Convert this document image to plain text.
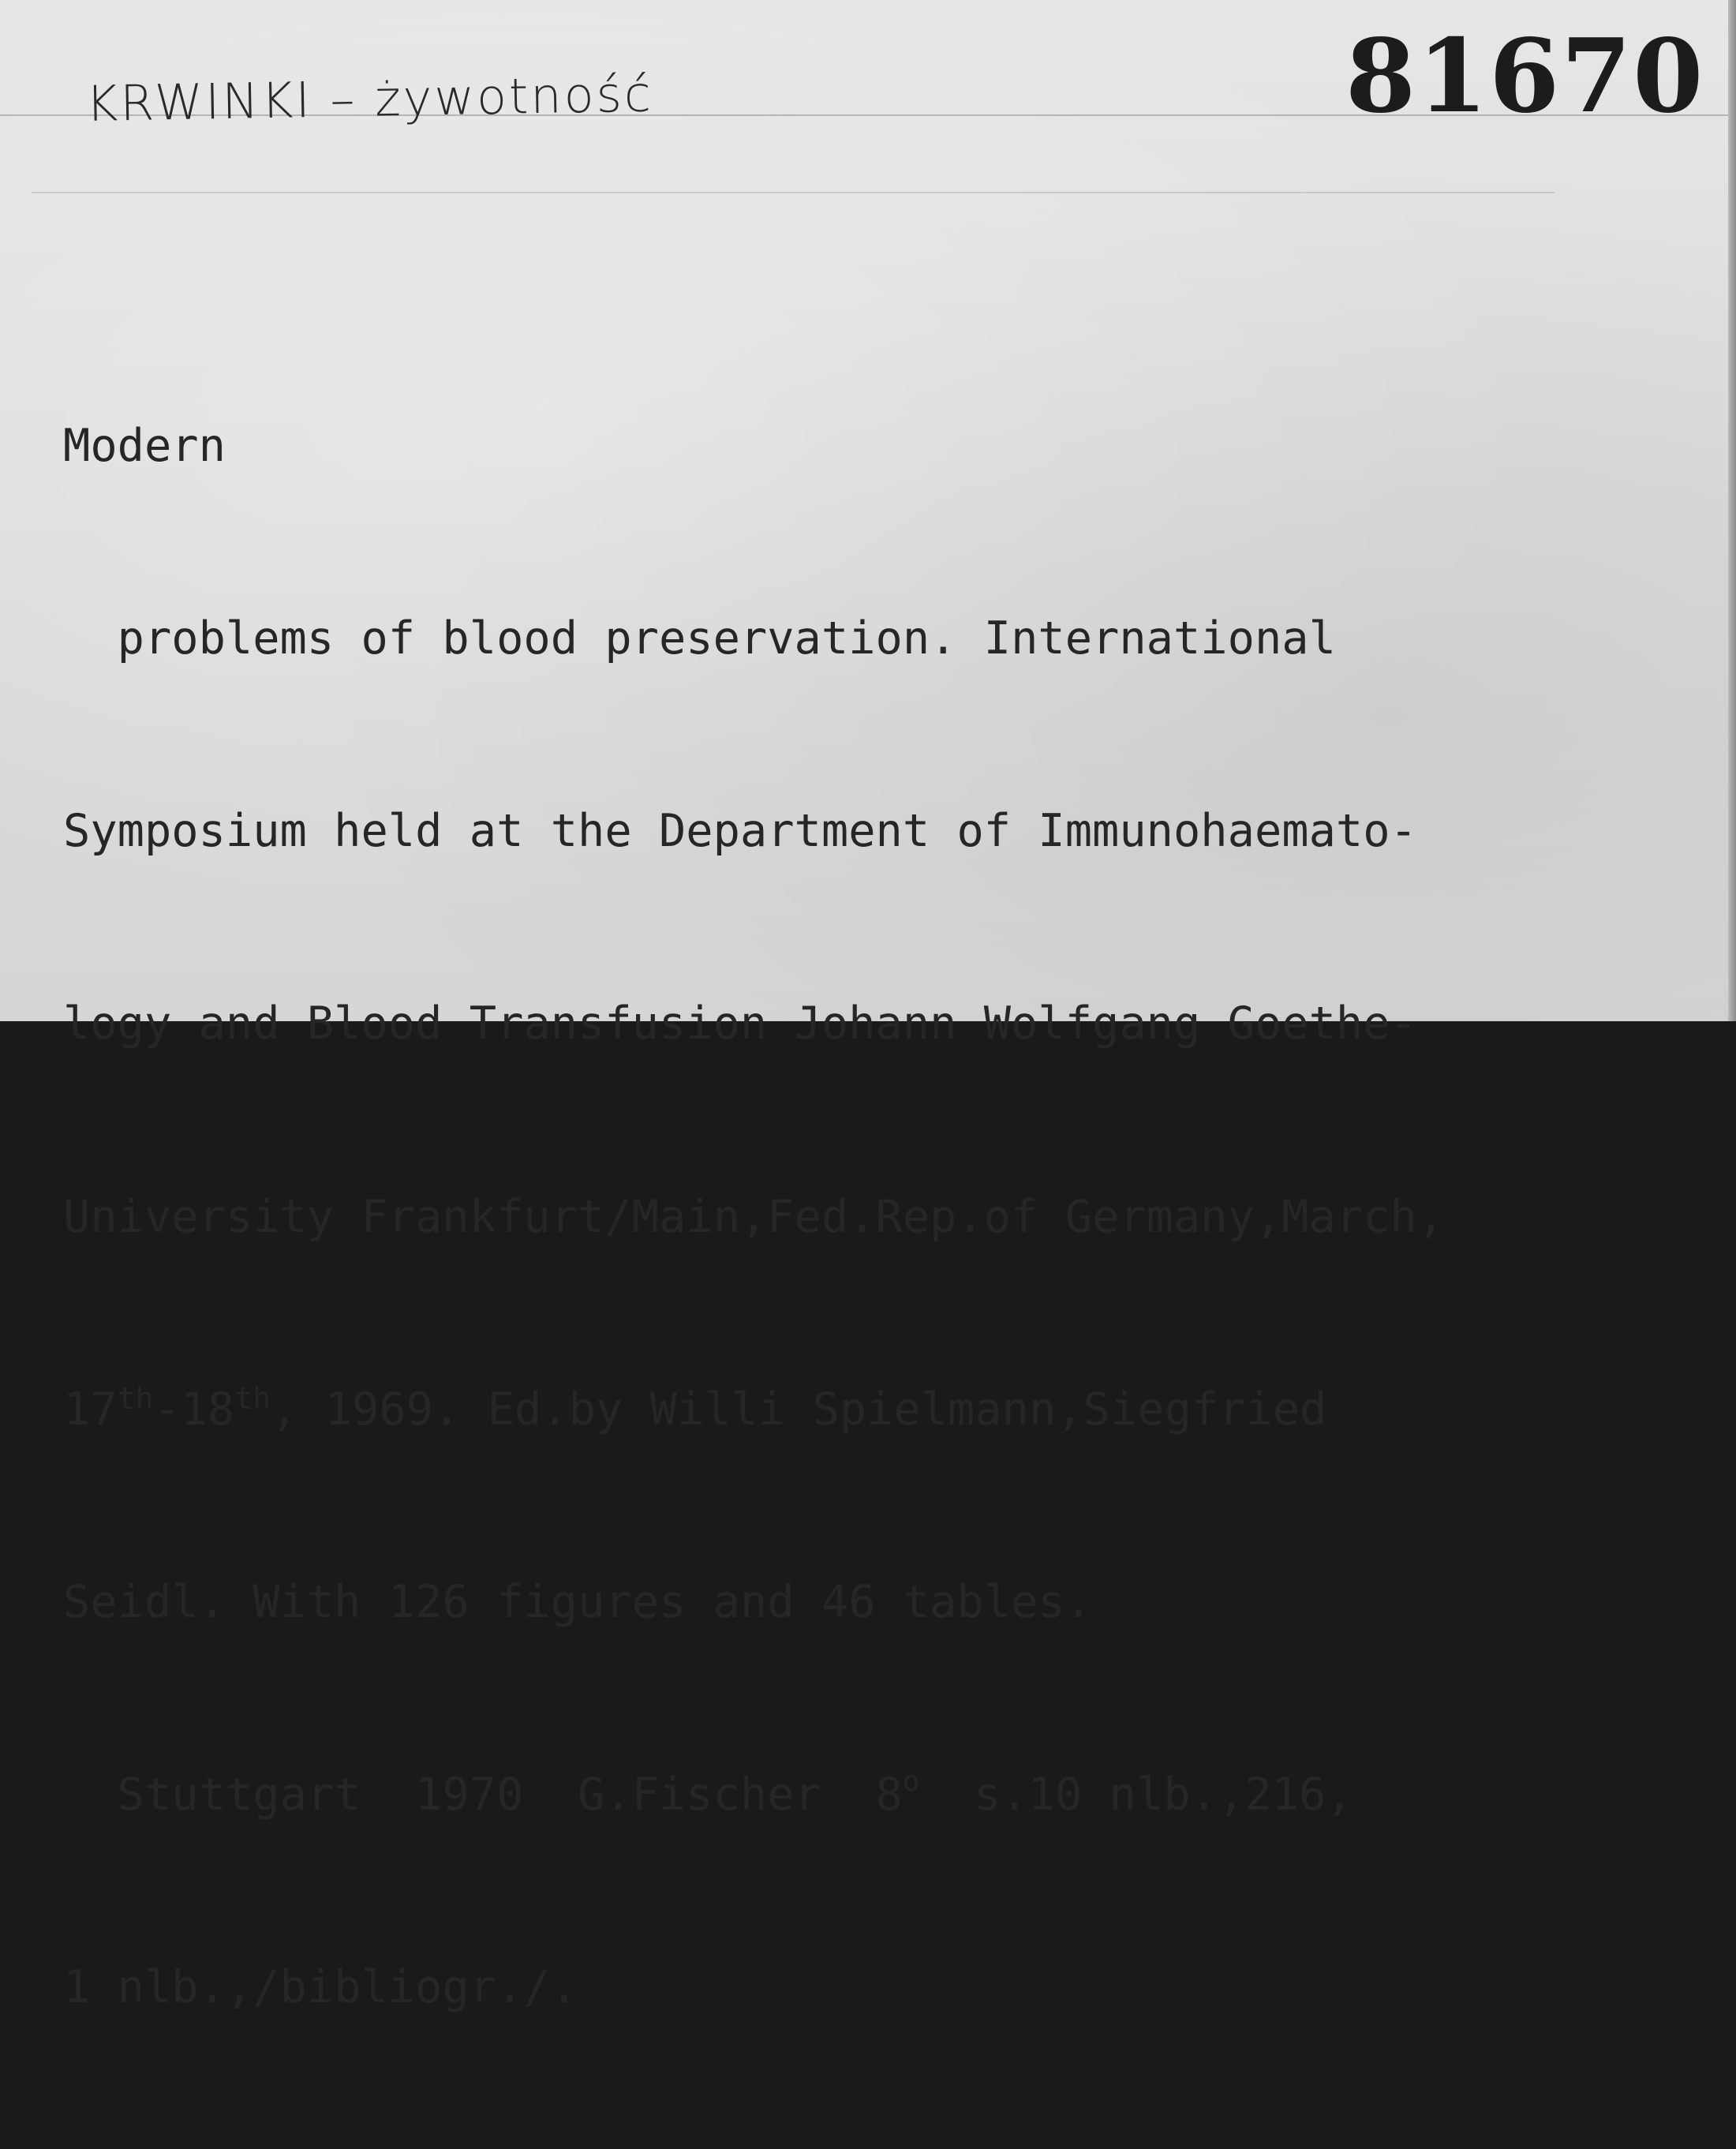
KRWINKI – żywotność	81670

Modern

problems of blood preservation. International

Symposium held at the Department of Immunohaemato-

logy and Blood Transfusion Johann Wolfgang Goethe-

University Frankfurt/Main,Fed.Rep.of Germany,March,

17th-18th, 1969. Ed.by Willi Spielmann,Siegfried

Seidl. With 126 figures and 46 tables.

Stuttgart  1970  G.Fischer  8$^o$  s.10 nlb.,216,

1 nlb.,/bibliogr./.
